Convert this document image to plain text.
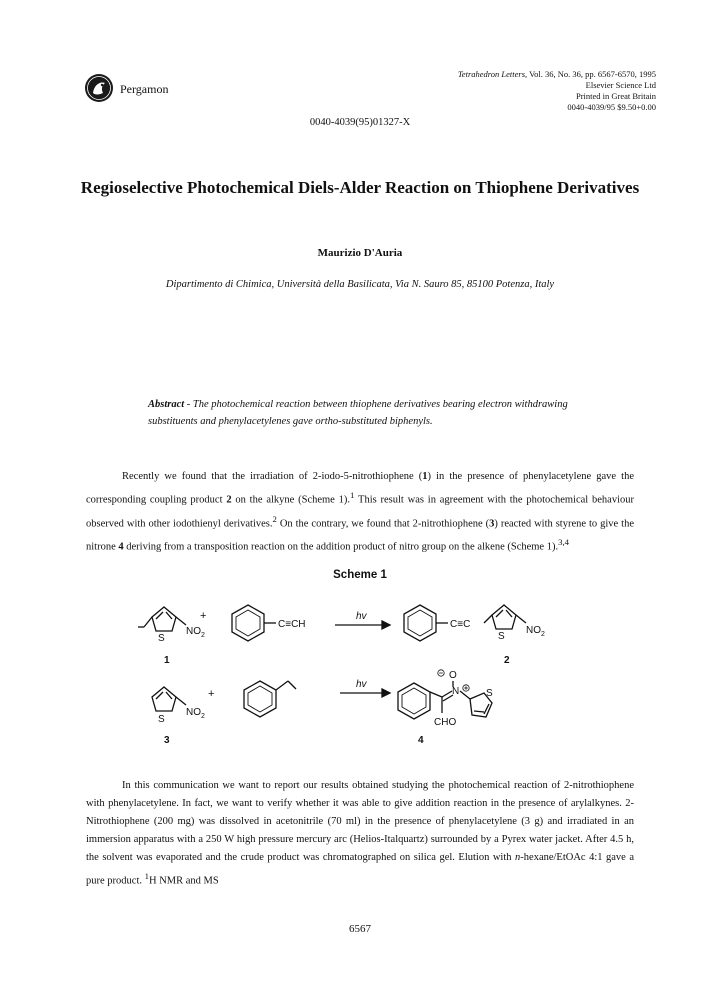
Pergamon
Tetrahedron Letters, Vol. 36, No. 36, pp. 6567-6570, 1995
Elsevier Science Ltd
Printed in Great Britain
0040-4039/95 $9.50+0.00
0040-4039(95)01327-X
Regioselective Photochemical Diels-Alder Reaction on Thiophene Derivatives
Maurizio D'Auria
Dipartimento di Chimica, Università della Basilicata, Via N. Sauro 85, 85100 Potenza, Italy
Abstract - The photochemical reaction between thiophene derivatives bearing electron withdrawing substituents and phenylacetylenes gave ortho-substituted biphenyls.
Recently we found that the irradiation of 2-iodo-5-nitrothiophene (1) in the presence of phenylacetylene gave the corresponding coupling product 2 on the alkyne (Scheme 1).$^1$ This result was in agreement with the photochemical behaviour observed with other iodothienyl derivatives.$^2$ On the contrary, we found that 2-nitrothiophene (3) reacted with styrene to give the nitrone 4 deriving from a transposition reaction on the addition product of nitro group on the alkene (Scheme 1).$^{3,4}$
Scheme 1
S
$NO_2$
+
C≡CH
hv
C≡C
S
$NO_2$
1	2
S
$NO_2$
+
hv
O
N	S
CHO
3	4
In this communication we want to report our results obtained studying the photochemical reaction of 2-nitrothiophene with phenylacetylene. In fact, we want to verify whether it was able to give addition reaction in the presence of arylalkynes. 2-Nitrothiophene (200 mg) was dissolved in acetonitrile (70 ml) in the presence of phenylacetylene (3 g) and irradiated in an immersion apparatus with a 250 W high pressure mercury arc (Helios-Italquartz) surrounded by a Pyrex water jacket. After 4.5 h, the solvent was evaporated and the crude product was chromatographed on silica gel. Elution with n-hexane/EtOAc 4:1 gave a pure product. $^1$H NMR and MS
6567
